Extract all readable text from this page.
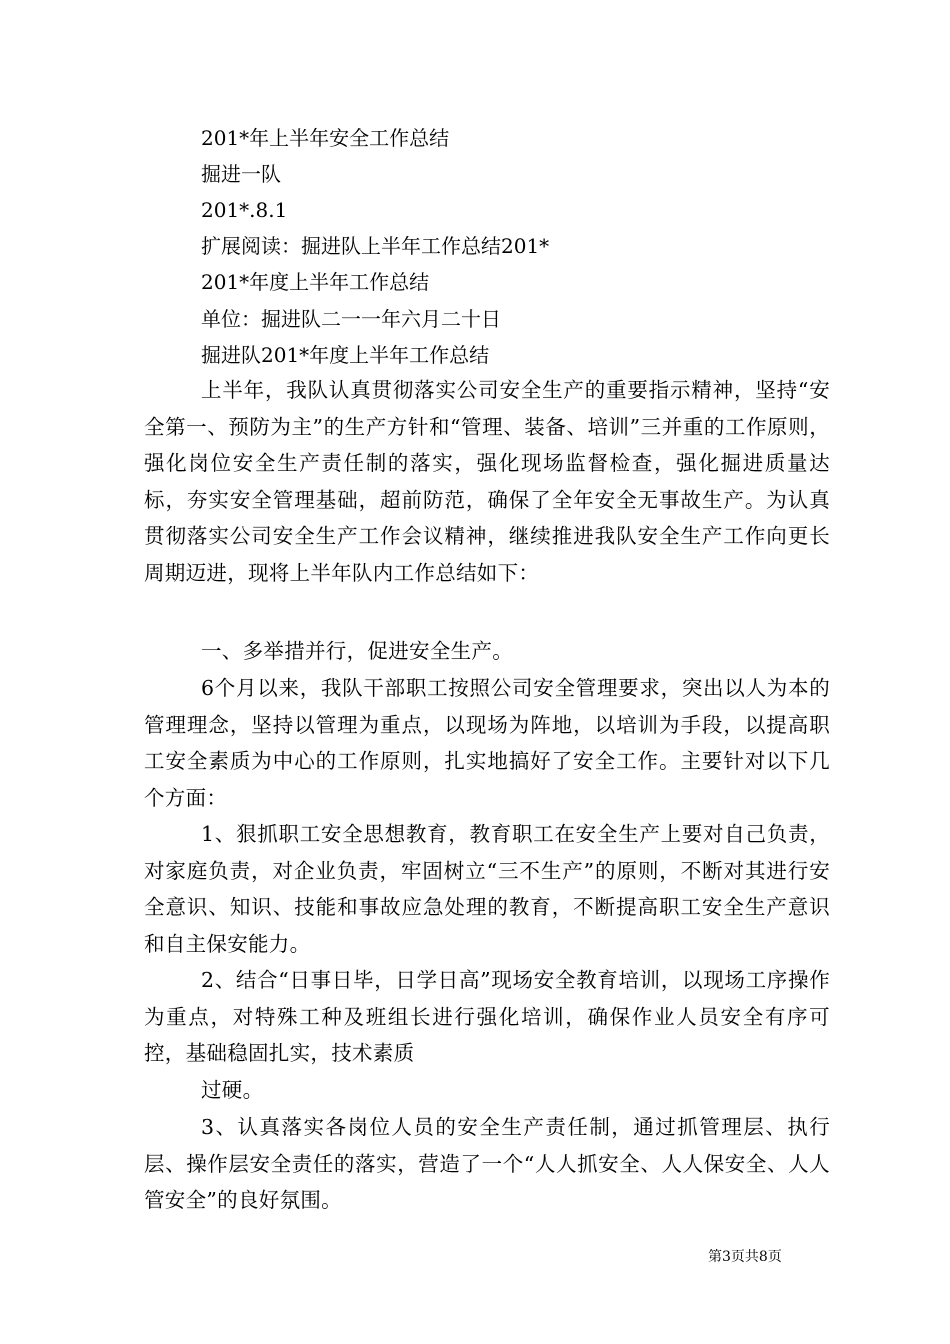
201*年上半年安全工作总结
掘进一队
201*.8.1
扩展阅读：掘进队上半年工作总结201*
201*年度上半年工作总结
单位：掘进队二一一年六月二十日
掘进队201*年度上半年工作总结
上半年，我队认真贯彻落实公司安全生产的重要指示精神，坚持“安全第一、预防为主”的生产方针和“管理、装备、培训”三并重的工作原则，强化岗位安全生产责任制的落实，强化现场监督检查，强化掘进质量达标，夯实安全管理基础，超前防范，确保了全年安全无事故生产。为认真贯彻落实公司安全生产工作会议精神，继续推进我队安全生产工作向更长周期迈进，现将上半年队内工作总结如下：
一、多举措并行，促进安全生产。
6个月以来，我队干部职工按照公司安全管理要求，突出以人为本的管理理念，坚持以管理为重点，以现场为阵地，以培训为手段，以提高职工安全素质为中心的工作原则，扎实地搞好了安全工作。主要针对以下几个方面：
1、狠抓职工安全思想教育，教育职工在安全生产上要对自己负责，对家庭负责，对企业负责，牢固树立“三不生产”的原则，不断对其进行安全意识、知识、技能和事故应急处理的教育，不断提高职工安全生产意识和自主保安能力。
2、结合“日事日毕，日学日高”现场安全教育培训，以现场工序操作为重点，对特殊工种及班组长进行强化培训，确保作业人员安全有序可控，基础稳固扎实，技术素质
过硬。
3、认真落实各岗位人员的安全生产责任制，通过抓管理层、执行层、操作层安全责任的落实，营造了一个“人人抓安全、人人保安全、人人管安全”的良好氛围。
第3页共8页
